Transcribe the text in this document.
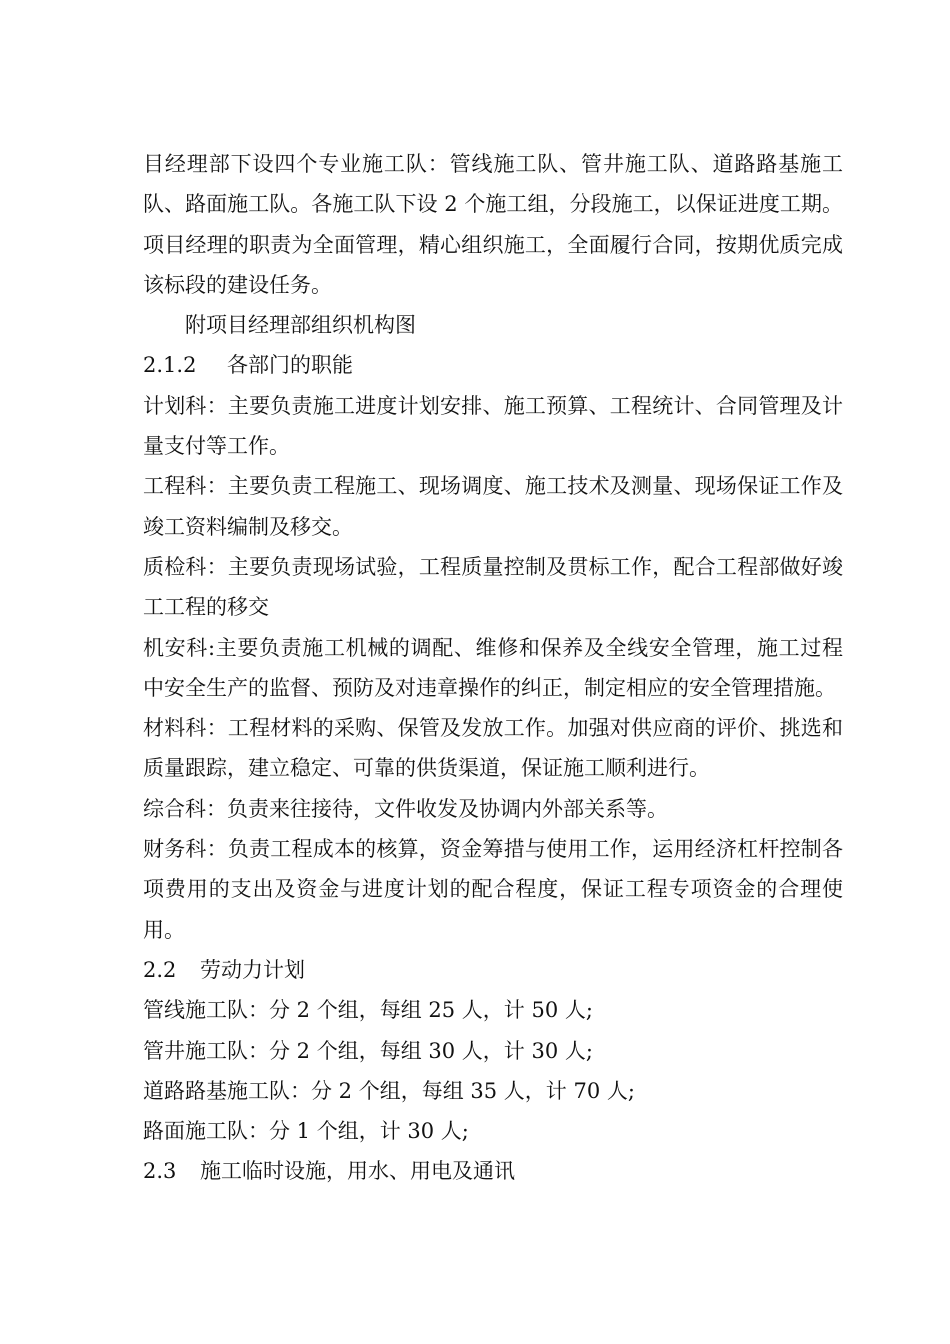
目经理部下设四个专业施工队：管线施工队、管井施工队、道路路基施工队、路面施工队。各施工队下设 2 个施工组，分段施工，以保证进度工期。项目经理的职责为全面管理，精心组织施工，全面履行合同，按期优质完成该标段的建设任务。

附项目经理部组织机构图

2.1.2 各部门的职能

计划科：主要负责施工进度计划安排、施工预算、工程统计、合同管理及计量支付等工作。

工程科：主要负责工程施工、现场调度、施工技术及测量、现场保证工作及竣工资料编制及移交。

质检科：主要负责现场试验，工程质量控制及贯标工作，配合工程部做好竣工工程的移交

机安科:主要负责施工机械的调配、维修和保养及全线安全管理，施工过程中安全生产的监督、预防及对违章操作的纠正，制定相应的安全管理措施。

材料科：工程材料的采购、保管及发放工作。加强对供应商的评价、挑选和质量跟踪，建立稳定、可靠的供货渠道，保证施工顺利进行。

综合科：负责来往接待，文件收发及协调内外部关系等。

财务科：负责工程成本的核算，资金筹措与使用工作，运用经济杠杆控制各项费用的支出及资金与进度计划的配合程度，保证工程专项资金的合理使用。

2.2 劳动力计划

管线施工队：分 2 个组，每组 25 人，计 50 人;

管井施工队：分 2 个组，每组 30 人，计 30 人;

道路路基施工队：分 2 个组，每组 35 人，计 70 人;

路面施工队：分 1 个组，计 30 人;

2.3 施工临时设施，用水、用电及通讯
